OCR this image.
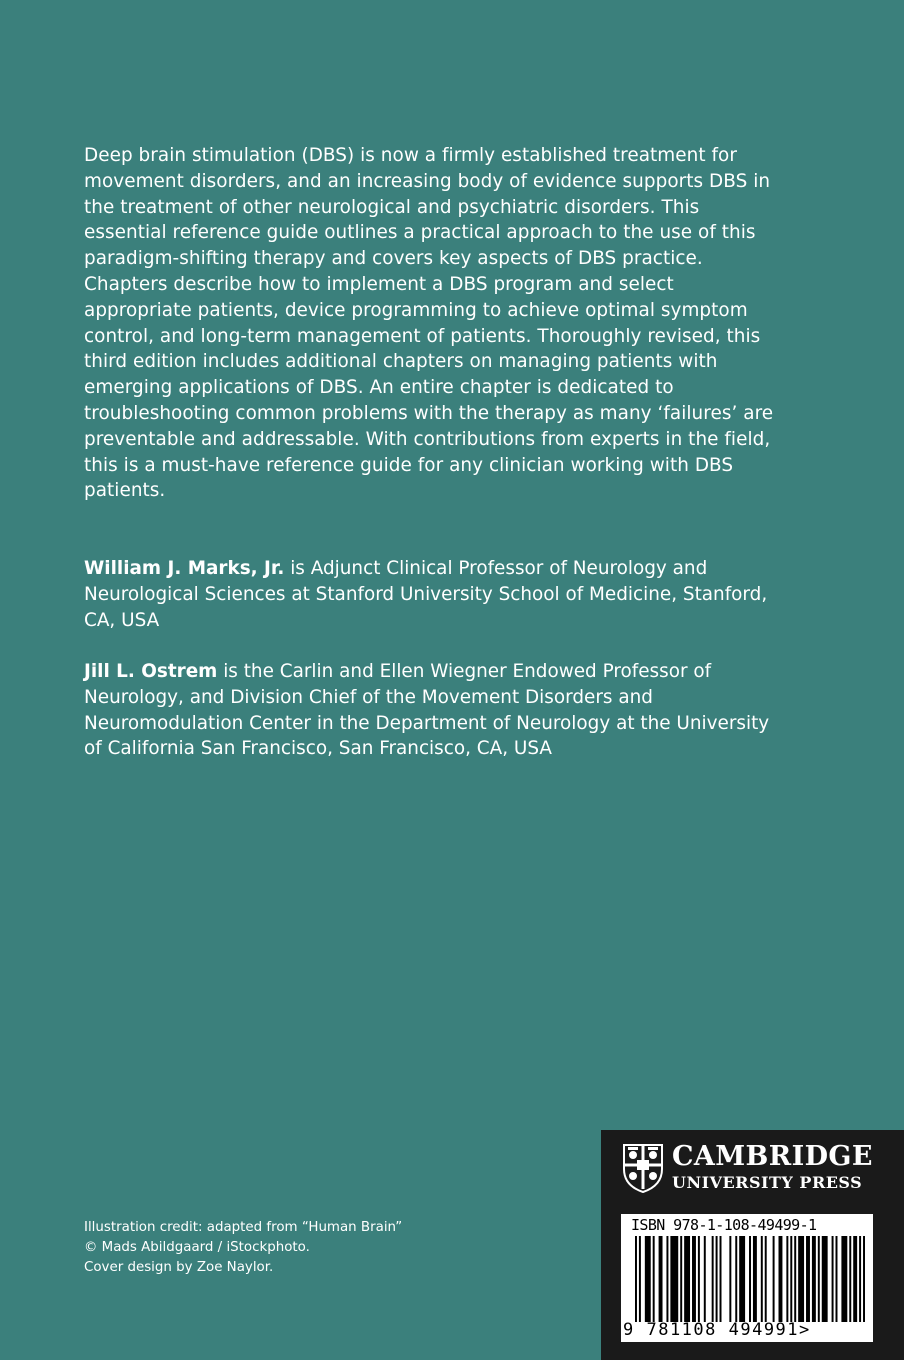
Deep brain stimulation (DBS) is now a firmly established treatment for movement disorders, and an increasing body of evidence supports DBS in the treatment of other neurological and psychiatric disorders. This essential reference guide outlines a practical approach to the use of this paradigm-shifting therapy and covers key aspects of DBS practice. Chapters describe how to implement a DBS program and select appropriate patients, device programming to achieve optimal symptom control, and long-term management of patients. Thoroughly revised, this third edition includes additional chapters on managing patients with emerging applications of DBS. An entire chapter is dedicated to troubleshooting common problems with the therapy as many ‘failures’ are preventable and addressable. With contributions from experts in the field, this is a must-have reference guide for any clinician working with DBS patients.

William J. Marks, Jr. is Adjunct Clinical Professor of Neurology and Neurological Sciences at Stanford University School of Medicine, Stanford, CA, USA

Jill L. Ostrem is the Carlin and Ellen Wiegner Endowed Professor of Neurology, and Division Chief of the Movement Disorders and Neuromodulation Center in the Department of Neurology at the University of California San Francisco, San Francisco, CA, USA

Illustration credit: adapted from “Human Brain”
© Mads Abildgaard / iStockphoto.
Cover design by Zoe Naylor.
CAMBRIDGE
UNIVERSITY PRESS
ISBN 978-1-108-49499-1
9 781108 494991>
